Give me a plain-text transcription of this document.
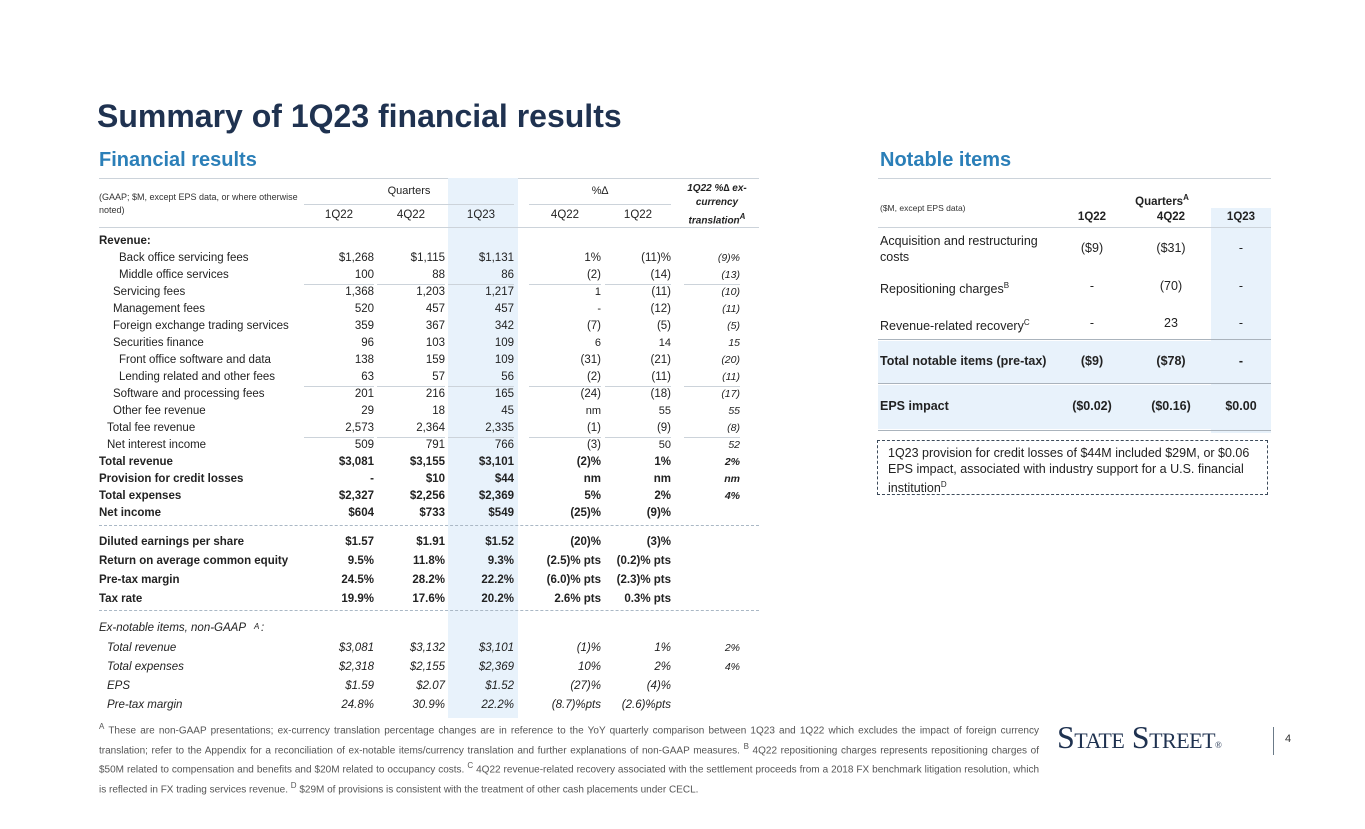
Summary of 1Q23 financial results
Financial results	Notable items
(GAAP; $M, except EPS data, or where otherwise noted)
Quarters	%∆	1Q22 %∆ ex-currency translation$^A$
1Q22	4Q22	1Q23	4Q22	1Q22
Revenue:
Back office servicing fees	$1,268	$1,115	$1,131	1%	(11)%	(9)%
Middle office services	100	88	86	(2)	(14)	(13)
Servicing fees	1,368	1,203	1,217	1	(11)	(10)
Management fees	520	457	457	-	(12)	(11)
Foreign exchange trading services	359	367	342	(7)	(5)	(5)
Securities finance	96	103	109	6	14	15
Front office software and data	138	159	109	(31)	(21)	(20)
Lending related and other fees	63	57	56	(2)	(11)	(11)
Software and processing fees	201	216	165	(24)	(18)	(17)
Other fee revenue	29	18	45	nm	55	55
Total fee revenue	2,573	2,364	2,335	(1)	(9)	(8)
Net interest income	509	791	766	(3)	50	52
Total revenue	$3,081	$3,155	$3,101	(2)%	1%	2%
Provision for credit losses	-	$10	$44	nm	nm	nm
Total expenses	$2,327	$2,256	$2,369	5%	2%	4%
Net income	$604	$733	$549	(25)%	(9)%
Diluted earnings per share	$1.57	$1.91	$1.52	(20)%	(3)%
Return on average common equity	9.5%	11.8%	9.3%	(2.5)% pts	(0.2)% pts
Pre-tax margin	24.5%	28.2%	22.2%	(6.0)% pts	(2.3)% pts
Tax rate	19.9%	17.6%	20.2%	2.6% pts	0.3% pts
Ex-notable items, non-GAAP A :
Total revenue	$3,081	$3,132	$3,101	(1)%	1%	2%
Total expenses	$2,318	$2,155	$2,369	10%	2%	4%
EPS	$1.59	$2.07	$1.52	(27)%	(4)%
Pre-tax margin	24.8%	30.9%	22.2%	(8.7)%pts	(2.6)%pts
($M, except EPS data)
Quarters$^A$
1Q22	4Q22	1Q23
Acquisition and restructuring costs
($9)	($31)	-
Repositioning charges$^B$	-	(70)	-
Revenue-related recovery$^C$	-	23	-
Total notable items (pre-tax)	($9)	($78)	-
EPS impact	($0.02)	($0.16)	$0.00
1Q23 provision for credit losses of $44M included $29M, or $0.06 EPS impact, associated with industry support for a U.S. financial institution$^D$
$^A$ These are non-GAAP presentations; ex-currency translation percentage changes are in reference to the YoY quarterly comparison between 1Q23 and 1Q22 which excludes the impact of foreign currency translation; refer to the Appendix for a reconciliation of ex-notable items/currency translation and further explanations of non-GAAP measures. $^B$ 4Q22 repositioning charges represents repositioning charges of $50M related to compensation and benefits and $20M related to occupancy costs. $^C$ 4Q22 revenue-related recovery associated with the settlement proceeds from a 2018 FX benchmark litigation resolution, which is reflected in FX trading services revenue. $^D$ $29M of provisions is consistent with the treatment of other cash placements under CECL.
State Street®	4
